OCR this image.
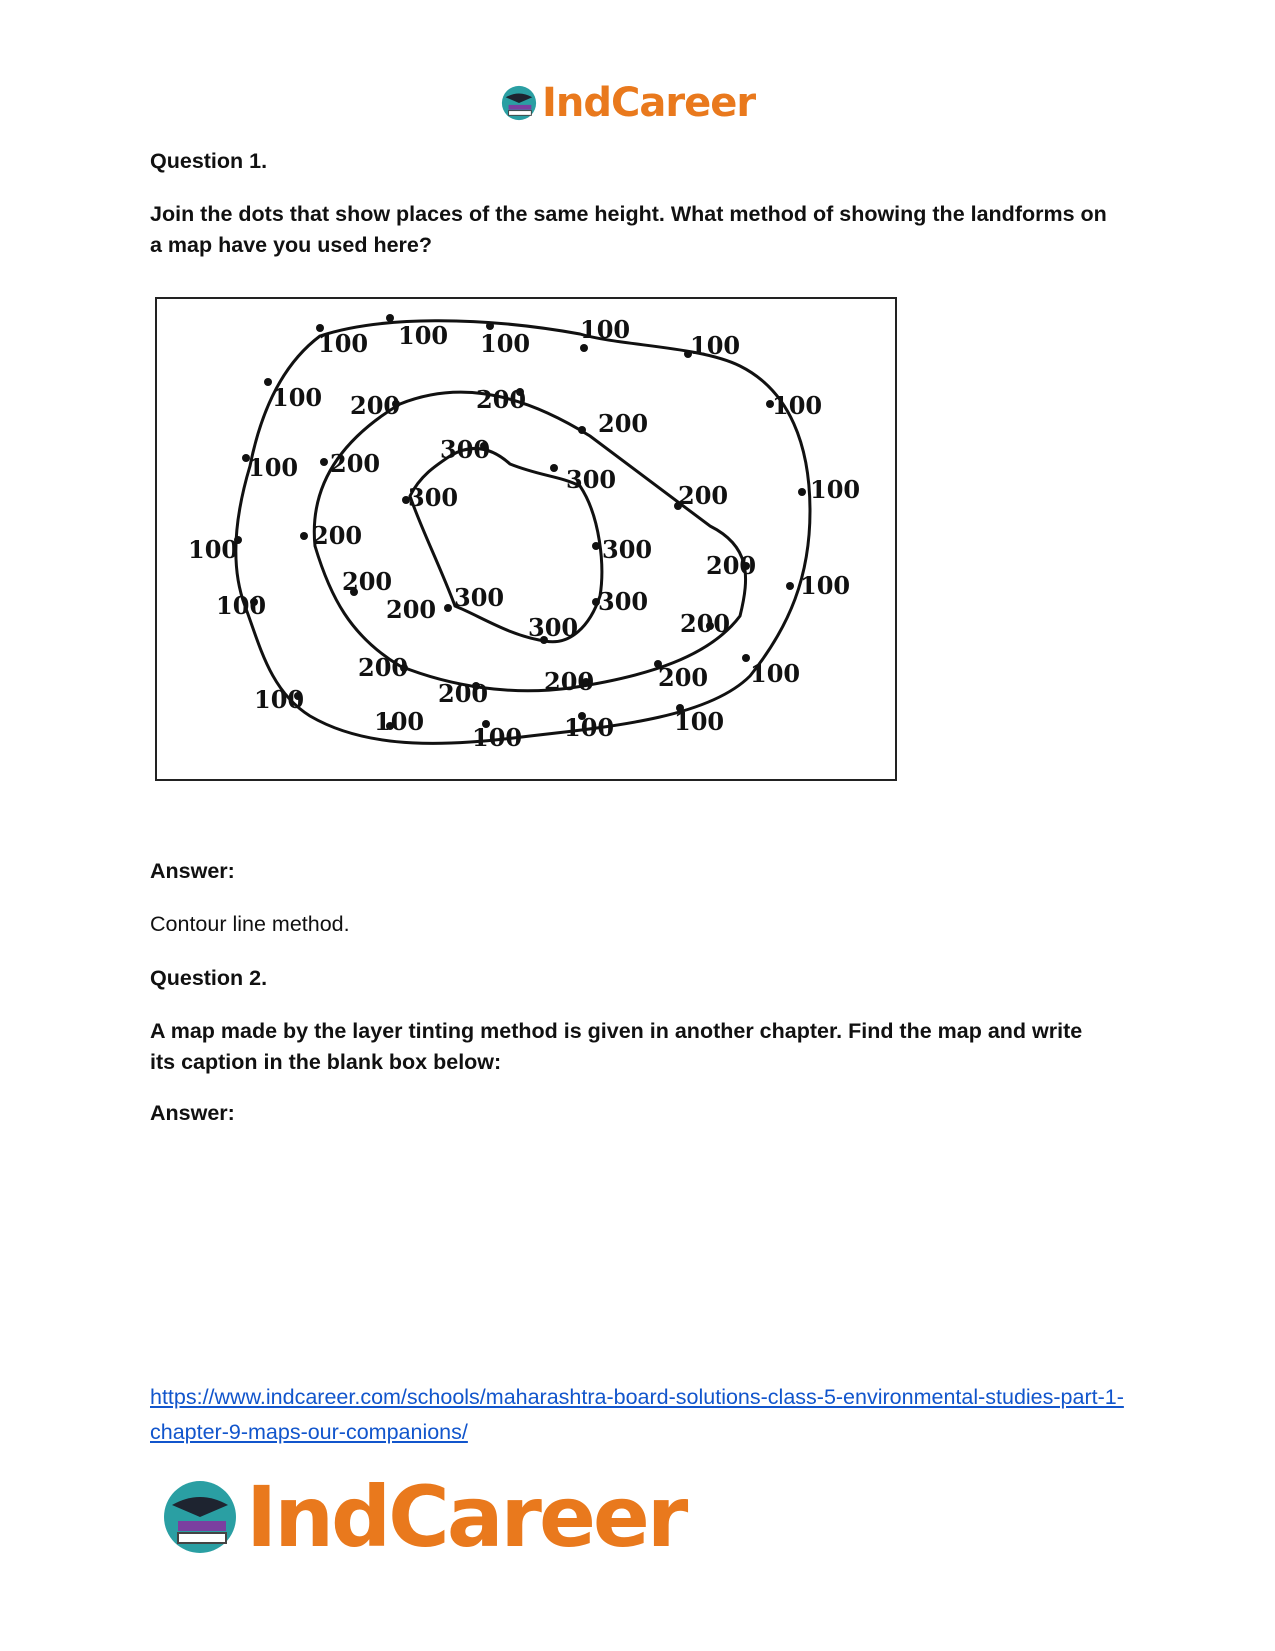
IndCareer
Question 1.
Join the dots that show places of the same height. What method of showing the landforms on a map have you used here?
100 100 100 100
100
100
100
100
100
100
100
100
100
100
100
100
100
100 200	200
200
200
200
200
200
200
200
200
200
200
200
200 300
300
300
300
300
300
300
Answer:
Contour line method.
Question 2.
A map made by the layer tinting method is given in another chapter. Find the map and write its caption in the blank box below:
Answer:
https://www.indcareer.com/schools/maharashtra-board-solutions-class-5-environmental-studies-part-1-chapter-9-maps-our-companions/
IndCareer
